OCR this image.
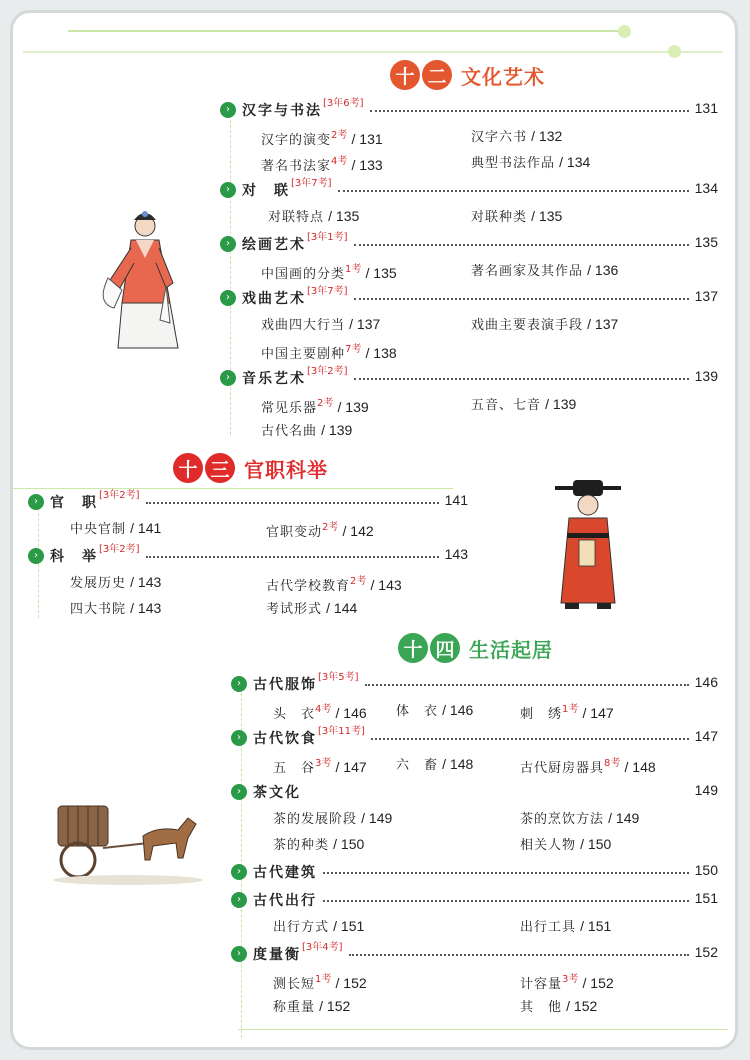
十 二 文化艺术
› 汉字与书法 [3年6考]	131
汉字的演变$^{2考}$ / 131	汉字六书 / 132
著名书法家$^{4考}$ / 133	典型书法作品 / 134
› 对　联 [3年7考]	134
对联特点 / 135	对联种类 / 135
› 绘画艺术 [3年1考]	135
中国画的分类$^{1考}$ / 135	著名画家及其作品 / 136
› 戏曲艺术 [3年7考]	137
戏曲四大行当 / 137	戏曲主要表演手段 / 137
中国主要剧种$^{7考}$ / 138
› 音乐艺术 [3年2考]	139
常见乐器$^{2考}$ / 139	五音、七音 / 139
古代名曲 / 139
十 三 官职科举
› 官　职 [3年2考]	141
中央官制 / 141	官职变动$^{2考}$ / 142
› 科　举 [3年2考]	143
发展历史 / 143	古代学校教育$^{2考}$ / 143
四大书院 / 143	考试形式 / 144
十 四 生活起居
› 古代服饰 [3年5考]	146
头　衣$^{4考}$ / 146 体　衣 / 146	刺　绣$^{1考}$ / 147
› 古代饮食 [3年11考]	147
五　谷$^{3考}$ / 147 六　畜 / 148	古代厨房器具$^{8考}$ / 148
› 茶文化	149
茶的发展阶段 / 149	茶的烹饮方法 / 149
茶的种类 / 150	相关人物 / 150
› 古代建筑	150
› 古代出行	151
出行方式 / 151	出行工具 / 151
› 度量衡 [3年4考]	152
测长短$^{1考}$ / 152	计容量$^{3考}$ / 152
称重量 / 152	其　他 / 152
